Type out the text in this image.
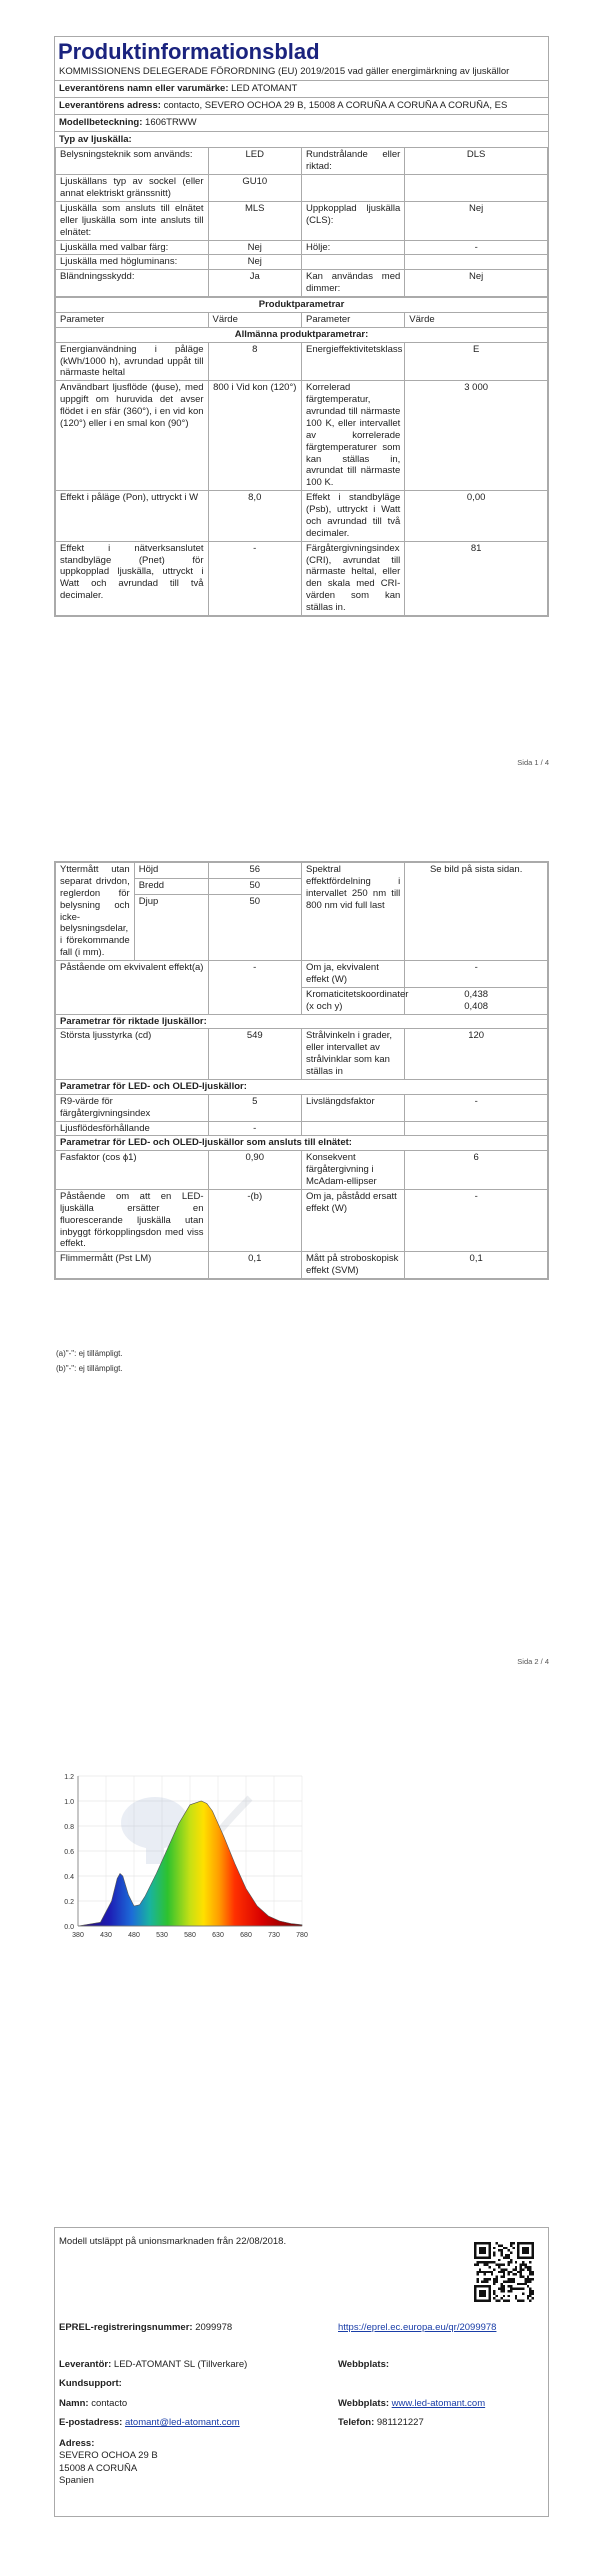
Produktinformationsblad
KOMMISSIONENS DELEGERADE FÖRORDNING (EU) 2019/2015 vad gäller energimärkning av ljuskällor
Leverantörens namn eller varumärke: LED ATOMANT
Leverantörens adress: contacto, SEVERO OCHOA 29 B, 15008 A CORUÑA A CORUÑA A CORUÑA, ES
Modellbeteckning: 1606TRWW
Typ av ljuskälla:
Belysningsteknik som används:	LED	Rundstrålande eller riktad:	DLS
Ljuskällans typ av sockel (eller annat elektriskt gränssnitt)	GU10		
Ljuskälla som ansluts till elnätet eller ljuskälla som inte ansluts till elnätet:	MLS	Uppkopplad ljuskälla (CLS):	Nej
Ljuskälla med valbar färg:	Nej	Hölje:	-
Ljuskälla med högluminans:	Nej		
Bländningsskydd:	Ja	Kan användas med dimmer:	Nej
Produktparametrar			
Parameter	Värde	Parameter	Värde
Allmänna produktparametrar:			
Energianvändning i påläge (kWh/1000 h), avrundad uppåt till närmaste heltal	8	Energieffektivitetsklass	E
Användbart ljusflöde (ϕuse), med uppgift om huruvida det avser flödet i en sfär (360°), i en vid kon (120°) eller i en smal kon (90°)	800 i Vid kon (120°)	Korrelerad färgtemperatur, avrundad till närmaste 100 K, eller intervallet av korrelerade färgtemperaturer som kan ställas in, avrundat till närmaste 100 K.	3 000
Effekt i påläge (Pon), uttryckt i W	8,0	Effekt i standbyläge (Psb), uttryckt i Watt och avrundad till två decimaler.	0,00
Effekt i nätverksanslutet standbyläge (Pnet) för uppkopplad ljuskälla, uttryckt i Watt och avrundad till två decimaler.	-	Färgåtergivningsindex (CRI), avrundat till närmaste heltal, eller den skala med CRI-värden som kan ställas in.	81
Sida 1 / 4
Yttermått utan separat drivdon, reglerdon för belysning och icke-belysningsdelar, i förekommande fall (i mm).	Höjd	56	Spektral effektfördelning i intervallet 250 nm till 800 nm vid full last	Se bild på sista sidan.
	Bredd	50		
	Djup	50		
Påstående om ekvivalent effekt(a)		-	Om ja, ekvivalent effekt (W)	-
			Kromaticitetskoordinater (x och y)	0,438
0,408

Parametrar för riktade ljuskällor:				
Största ljusstyrka (cd)		549	Strålvinkeln i grader, eller intervallet av strålvinklar som kan ställas in	120
Parametrar för LED- och OLED-ljuskällor:				
R9-värde för färgåtergivningsindex		5	Livslängdsfaktor	-
Ljusflödesförhållande		-		
Parametrar för LED- och OLED-ljuskällor som ansluts till elnätet:				
Fasfaktor (cos ϕ1)		0,90	Konsekvent färgåtergivning i McAdam-ellipser	6
Påstående om att en LED-ljuskälla ersätter en fluorescerande ljuskälla utan inbyggt förkopplingsdon med viss effekt.		-(b)	Om ja, påstådd ersatt effekt (W)	-
Flimmermått (Pst LM)		0,1	Mått på stroboskopisk effekt (SVM)	0,1
(a)"-": ej tillämpligt.
(b)"-": ej tillämpligt.
Sida 2 / 4
0.0
0.2
0.4
0.6
0.8
1.0
1.2
380 430 480 530 580 630 680 730 780
Modell utsläppt på unionsmarknaden från 22/08/2018.
EPREL-registreringsnummer: 2099978	https://eprel.ec.europa.eu/qr/2099978
Leverantör: LED-ATOMANT SL (Tillverkare)	Webbplats:
Kundsupport:
Namn: contacto	Webbplats: www.led-atomant.com
E-postadress: atomant@led-atomant.com	Telefon: 981121227
Adress:
SEVERO OCHOA 29 B
15008 A CORUÑA
Spanien
